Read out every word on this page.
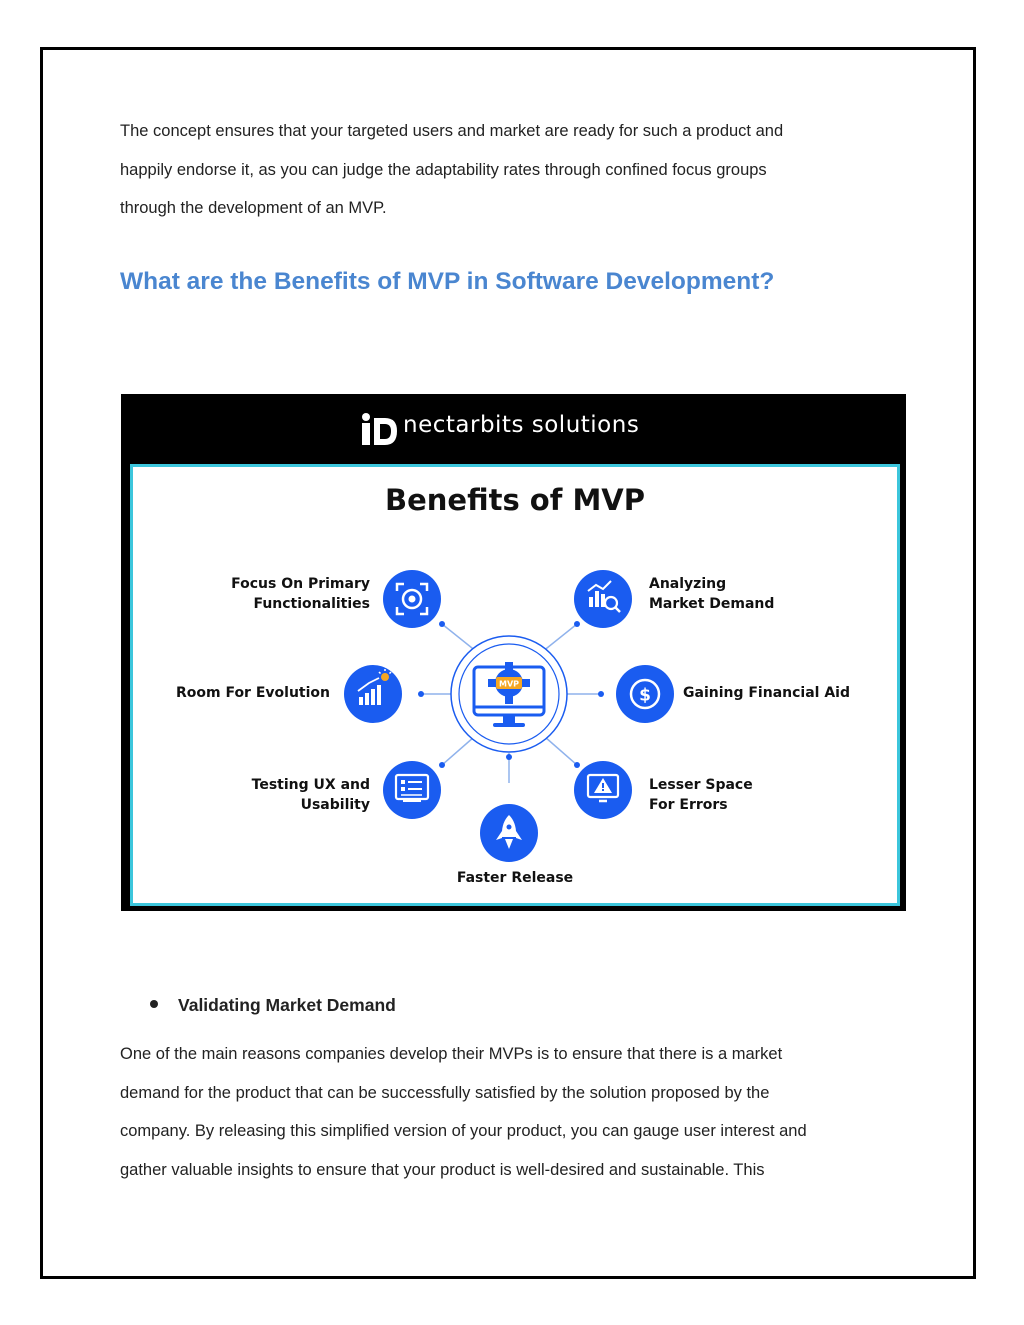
The concept ensures that your targeted users and market are ready for such a product and
happily endorse it, as you can judge the adaptability rates through confined focus groups
through the development of an MVP.

What are the Benefits of MVP in Software Development?
nectarbits solutions
Benefits of MVP
MVP
$
Focus On Primary
Functionalities
Analyzing
Market Demand
Room For Evolution	Gaining Financial Aid
Testing UX and
Usability
Lesser Space
For Errors
Faster Release
Validating Market Demand

One of the main reasons companies develop their MVPs is to ensure that there is a market
demand for the product that can be successfully satisfied by the solution proposed by the
company. By releasing this simplified version of your product, you can gauge user interest and
gather valuable insights to ensure that your product is well-desired and sustainable. This
